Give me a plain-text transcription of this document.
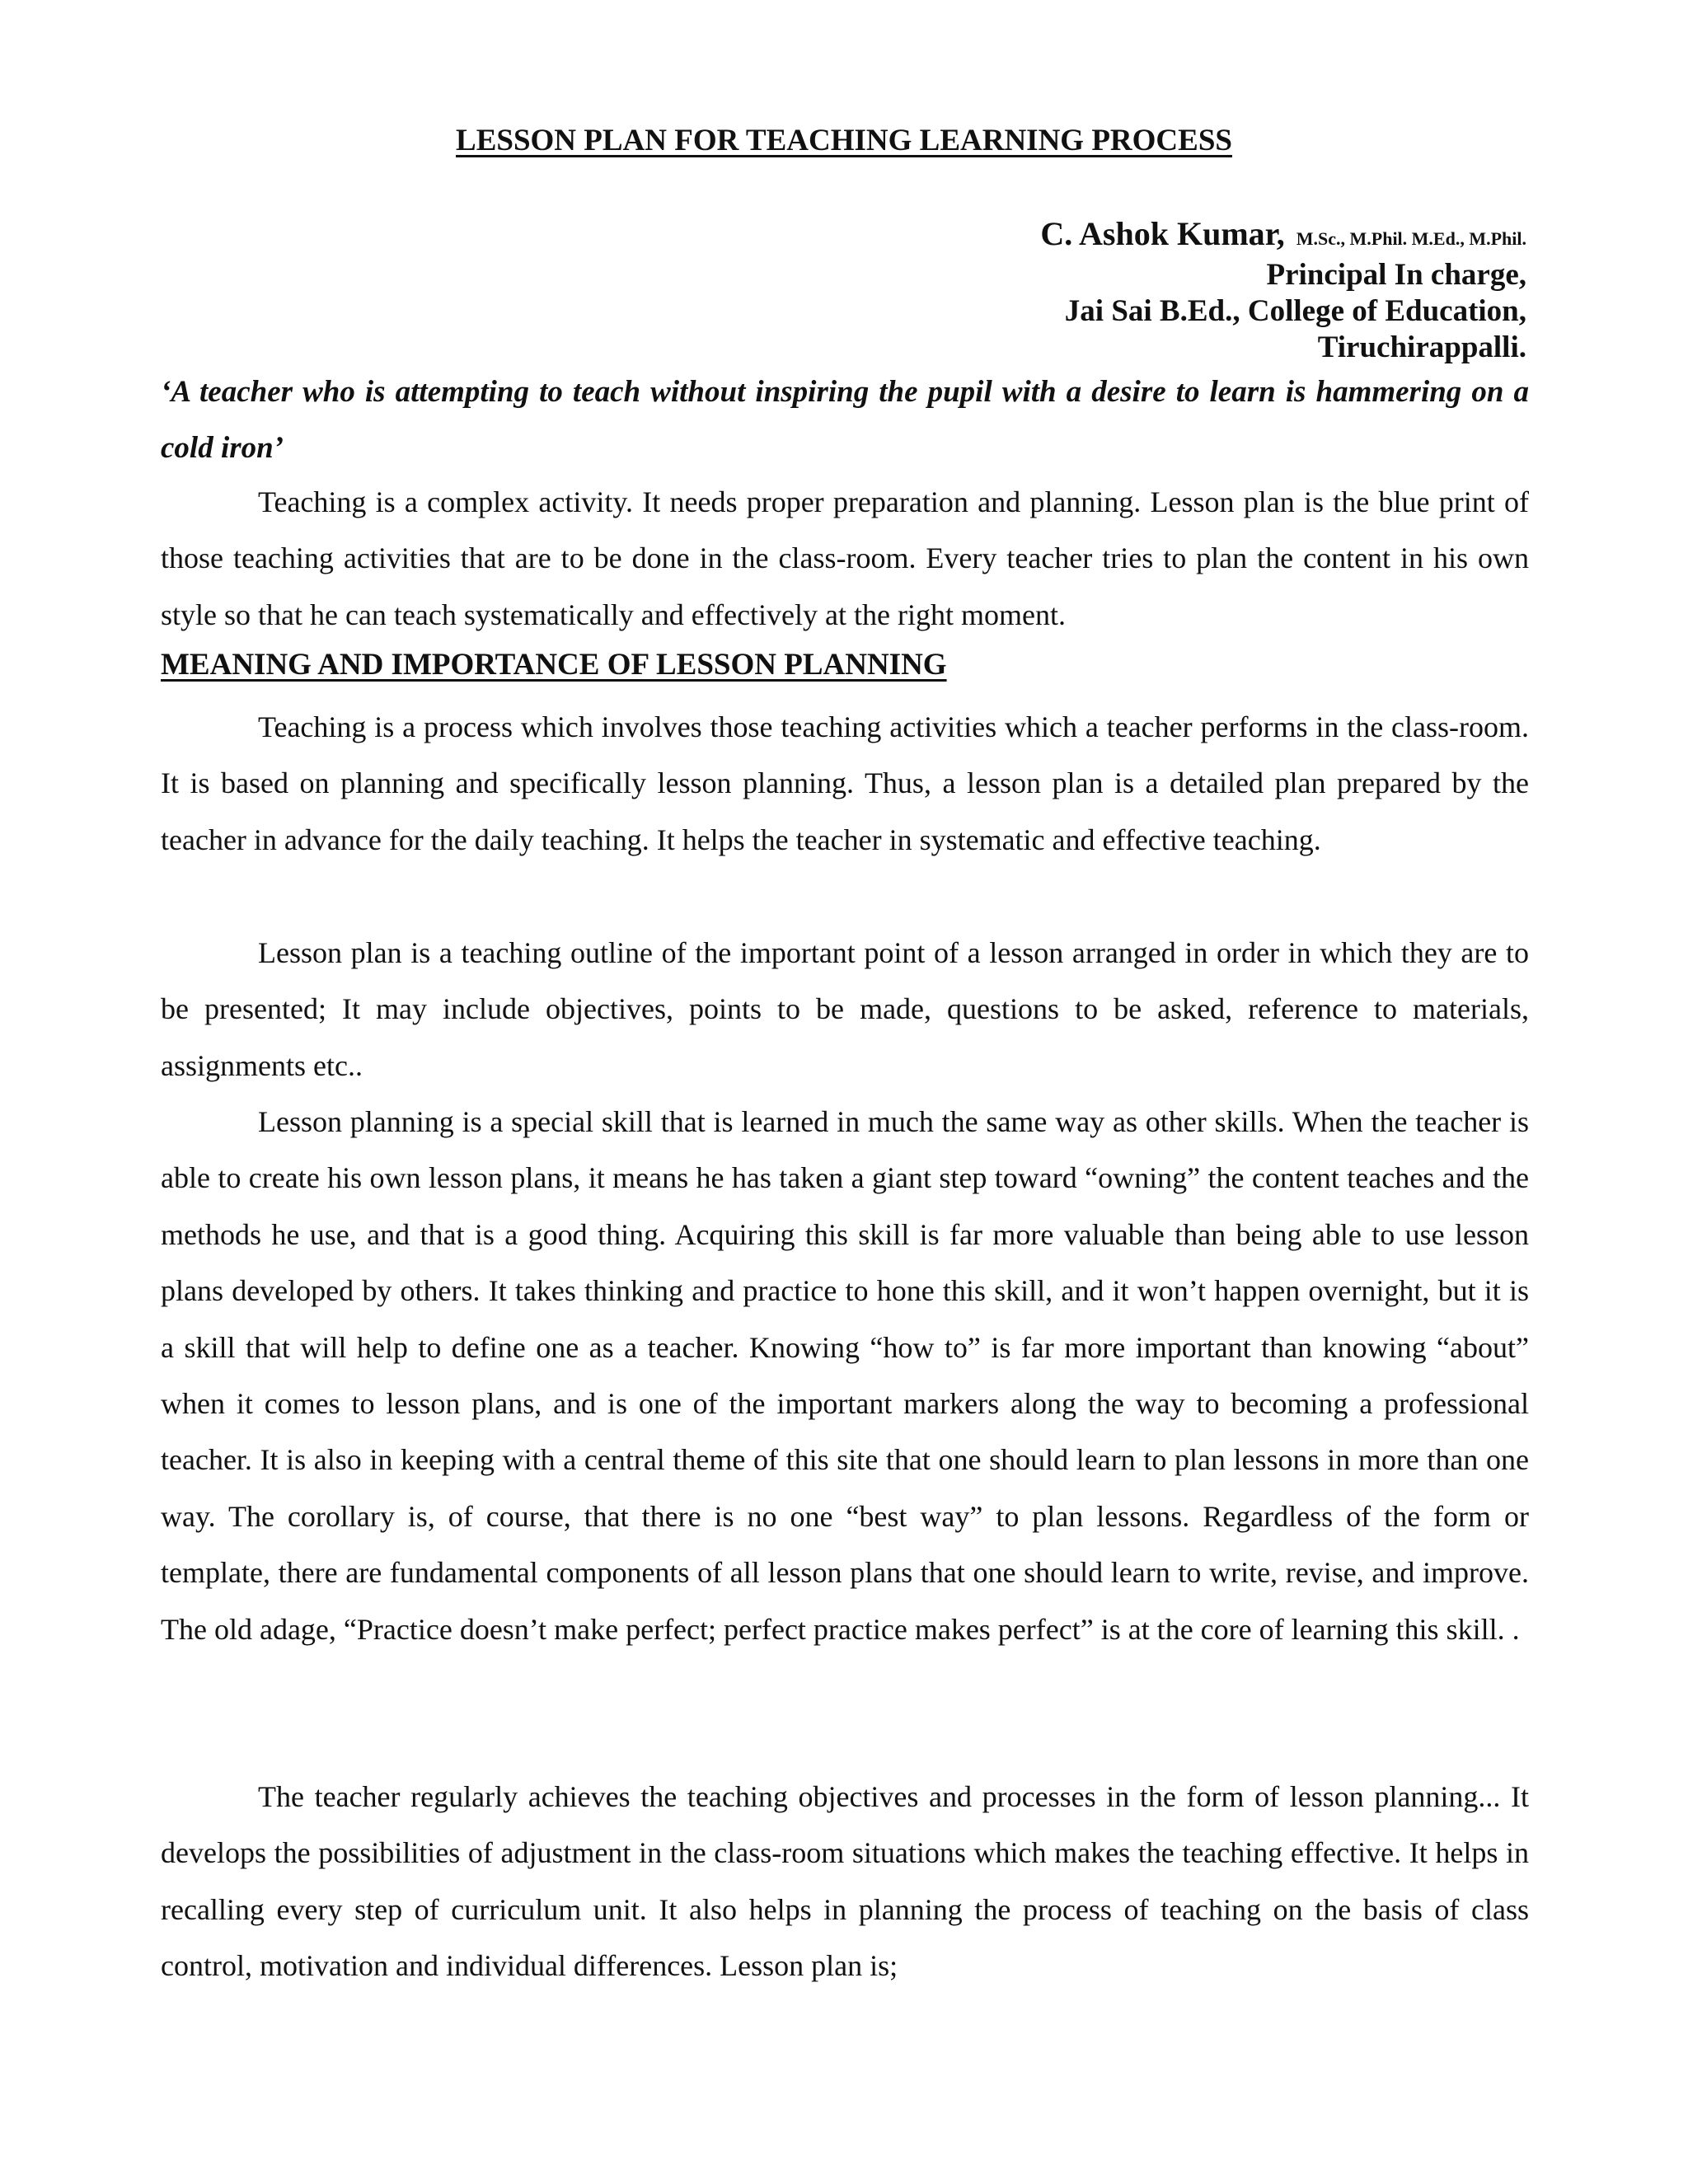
LESSON PLAN FOR TEACHING LEARNING PROCESS
C. Ashok Kumar, M.Sc., M.Phil. M.Ed., M.Phil.
Principal In charge,
Jai Sai B.Ed., College of Education,
Tiruchirappalli.
‘A teacher who is attempting to teach without inspiring the pupil with a desire to learn is hammering on a cold iron’

Teaching is a complex activity. It needs proper preparation and planning. Lesson plan is the blue print of those teaching activities that are to be done in the class-room. Every teacher tries to plan the content in his own style so that he can teach systematically and effectively at the right moment.

MEANING AND IMPORTANCE OF LESSON PLANNING

Teaching is a process which involves those teaching activities which a teacher performs in the class-room. It is based on planning and specifically lesson planning. Thus, a lesson plan is a detailed plan prepared by the teacher in advance for the daily teaching. It helps the teacher in systematic and effective teaching.

Lesson plan is a teaching outline of the important point of a lesson arranged in order in which they are to be presented; It may include objectives, points to be made, questions to be asked, reference to materials, assignments etc..

Lesson planning is a special skill that is learned in much the same way as other skills. When the teacher is able to create his own lesson plans, it means he has taken a giant step toward “owning” the content teaches and the methods he use, and that is a good thing. Acquiring this skill is far more valuable than being able to use lesson plans developed by others. It takes thinking and practice to hone this skill, and it won’t happen overnight, but it is a skill that will help to define one as a teacher. Knowing “how to” is far more important than knowing “about” when it comes to lesson plans, and is one of the important markers along the way to becoming a professional teacher. It is also in keeping with a central theme of this site that one should learn to plan lessons in more than one way. The corollary is, of course, that there is no one “best way” to plan lessons. Regardless of the form or template, there are fundamental components of all lesson plans that one should learn to write, revise, and improve. The old adage, “Practice doesn’t make perfect; perfect practice makes perfect” is at the core of learning this skill. .

The teacher regularly achieves the teaching objectives and processes in the form of lesson planning... It develops the possibilities of adjustment in the class-room situations which makes the teaching effective. It helps in recalling every step of curriculum unit. It also helps in planning the process of teaching on the basis of class control, motivation and individual differences. Lesson plan is;
